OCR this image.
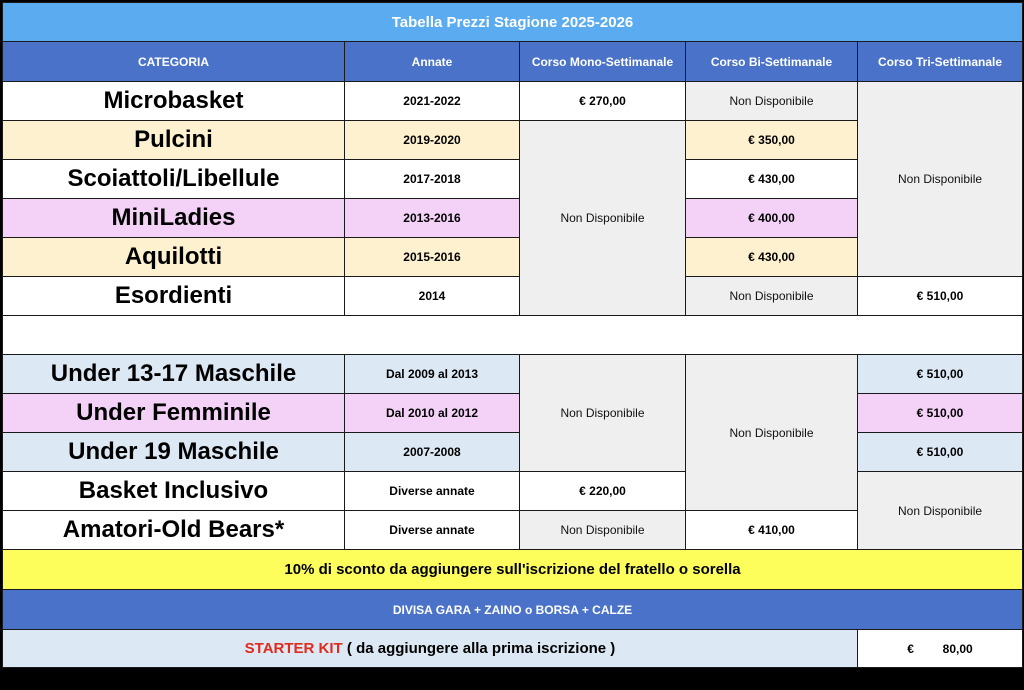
Tabella Prezzi Stagione 2025-2026				
CATEGORIA	Annate	Corso Mono-Settimanale	Corso Bi-Settimanale	Corso Tri-Settimanale
Microbasket	2021-2022	€ 270,00	Non Disponibile	Non Disponibile
Pulcini	2019-2020	Non Disponibile	€ 350,00	
Scoiattoli/Libellule	2017-2018		€ 430,00	
MiniLadies	2013-2016		€ 400,00	
Aquilotti	2015-2016		€ 430,00	
Esordienti	2014		Non Disponibile	€ 510,00

Under 13-17 Maschile	Dal 2009 al 2013	Non Disponibile	Non Disponibile	€ 510,00
Under Femminile	Dal 2010 al 2012			€ 510,00
Under 19 Maschile	2007-2008			€ 510,00
Basket Inclusivo	Diverse annate	€ 220,00		Non Disponibile
Amatori-Old Bears*	Diverse annate	Non Disponibile	€ 410,00	
10% di sconto da aggiungere sull'iscrizione del fratello o sorella				
DIVISA GARA + ZAINO o BORSA + CALZE				
STARTER KIT ( da aggiungere alla prima iscrizione )				€ 80,00
